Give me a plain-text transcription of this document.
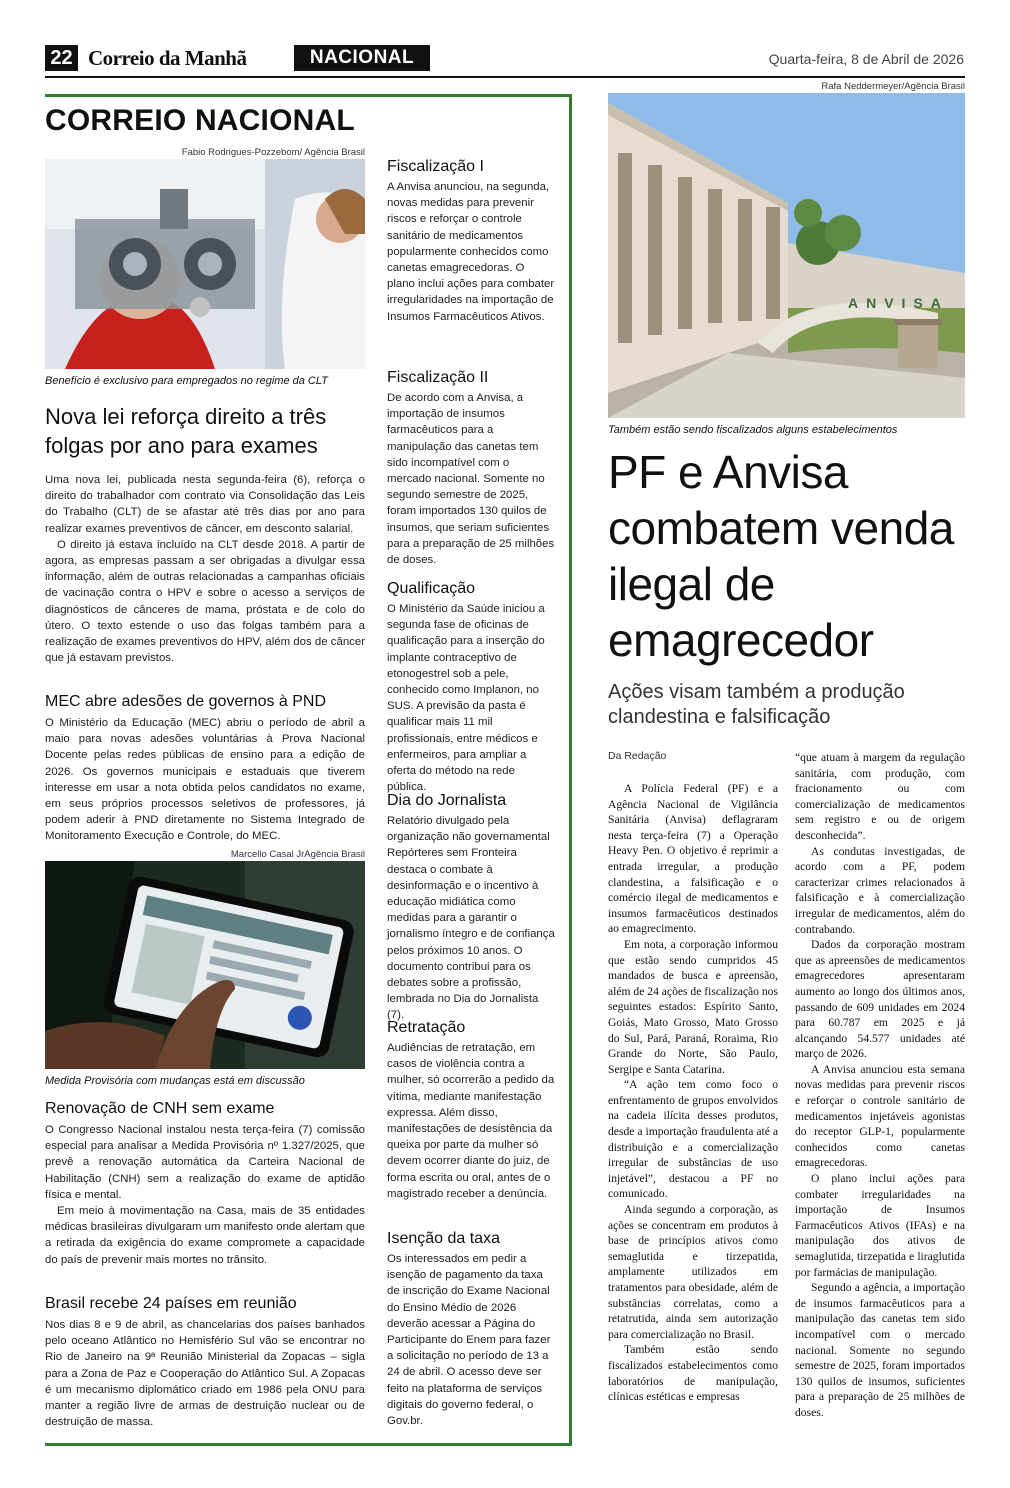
22 Correio da Manhã	NACIONAL	Quarta-feira, 8 de Abril de 2026
CORREIO NACIONAL
Fabio Rodrigues-Pozzebom/ Agência Brasil
Benefício é exclusivo para empregados no regime da CLT
Nova lei reforça direito a três folgas por ano para exames

Uma nova lei, publicada nesta segunda-feira (6), reforça o direito do trabalhador com contrato via Consolidação das Leis do Trabalho (CLT) de se afastar até três dias por ano para realizar exames preventivos de câncer, em desconto salarial.

O direito já estava incluído na CLT desde 2018. A partir de agora, as empresas passam a ser obrigadas a divulgar essa informação, além de outras relacionadas a campanhas oficiais de vacinação contra o HPV e sobre o acesso a serviços de diagnósticos de cânceres de mama, próstata e de colo do útero. O texto estende o uso das folgas também para a realização de exames preventivos do HPV, além dos de câncer que já estavam previstos.

MEC abre adesões de governos à PND

O Ministério da Educação (MEC) abriu o período de abril a maio para novas adesões voluntárias à Prova Nacional Docente pelas redes públicas de ensino para a edição de 2026. Os governos municipais e estaduais que tiverem interesse em usar a nota obtida pelos candidatos no exame, em seus próprios processos seletivos de professores, já podem aderir à PND diretamente no Sistema Integrado de Monitoramento Execução e Controle, do MEC.

Marcello Casal JrAgência Brasil
Medida Provisória com mudanças está em discussão
Renovação de CNH sem exame

O Congresso Nacional instalou nesta terça-feira (7) comissão especial para analisar a Medida Provisória nº 1.327/2025, que prevê a renovação automática da Carteira Nacional de Habilitação (CNH) sem a realização do exame de aptidão física e mental.

Em meio à movimentação na Casa, mais de 35 entidades médicas brasileiras divulgaram um manifesto onde alertam que a retirada da exigência do exame compromete a capacidade do país de prevenir mais mortes no trânsito.

Brasil recebe 24 países em reunião

Nos dias 8 e 9 de abril, as chancelarias dos países banhados pelo oceano Atlântico no Hemisfério Sul vão se encontrar no Rio de Janeiro na 9ª Reunião Ministerial da Zopacas – sigla para a Zona de Paz e Cooperação do Atlântico Sul. A Zopacas é um mecanismo diplomático criado em 1986 pela ONU para manter a região livre de armas de destruição nuclear ou de destruição de massa.

Fiscalização I
A Anvisa anunciou, na segunda, novas medidas para prevenir riscos e reforçar o controle sanitário de medicamentos popularmente conhecidos como canetas emagrecedoras. O plano inclui ações para combater irregularidades na importação de Insumos Farmacêuticos Ativos.
Fiscalização II
De acordo com a Anvisa, a importação de insumos farmacêuticos para a manipulação das canetas tem sido incompatível com o mercado nacional. Somente no segundo semestre de 2025, foram importados 130 quilos de insumos, que seriam suficientes para a preparação de 25 milhões de doses.
Qualificação
O Ministério da Saúde iniciou a segunda fase de oficinas de qualificação para a inserção do implante contraceptivo de etonogestrel sob a pele, conhecido como Implanon, no SUS. A previsão da pasta é qualificar mais 11 mil profissionais, entre médicos e enfermeiros, para ampliar a oferta do método na rede pública.
Dia do Jornalista
Relatório divulgado pela organização não governamental Repórteres sem Fronteira destaca o combate à desinformação e o incentivo à educação midiática como medidas para a garantir o jornalismo íntegro e de confiança pelos próximos 10 anos. O documento contribui para os debates sobre a profissão, lembrada no Dia do Jornalista (7).
Retratação
Audiências de retratação, em casos de violência contra a mulher, só ocorrerão a pedido da vítima, mediante manifestação expressa. Além disso, manifestações de desistência da queixa por parte da mulher só devem ocorrer diante do juiz, de forma escrita ou oral, antes de o magistrado receber a denúncia.
Isenção da taxa
Os interessados em pedir a isenção de pagamento da taxa de inscrição do Exame Nacional do Ensino Médio de 2026 deverão acessar a Página do Participante do Enem para fazer a solicitação no período de 13 a 24 de abril. O acesso deve ser feito na plataforma de serviços digitais do governo federal, o Gov.br.
Rafa Neddermeyer/Agência Brasil
ANVISA
Também estão sendo fiscalizados alguns estabelecimentos
PF e Anvisa combatem venda ilegal de emagrecedor
Ações visam também a produção clandestina e falsificação
Da Redação

A Polícia Federal (PF) e a Agência Nacional de Vigilância Sanitária (Anvisa) deflagraram nesta terça-feira (7) a Operação Heavy Pen. O objetivo é reprimir a entrada irregular, a produção clandestina, a falsificação e o comércio ilegal de medicamentos e insumos farmacêuticos destinados ao emagrecimento.

Em nota, a corporação informou que estão sendo cumpridos 45 mandados de busca e apreensão, além de 24 ações de fiscalização nos seguintes estados: Espírito Santo, Goiás, Mato Grosso, Mato Grosso do Sul, Pará, Paraná, Roraima, Rio Grande do Norte, São Paulo, Sergipe e Santa Catarina.

“A ação tem como foco o enfrentamento de grupos envolvidos na cadeia ilícita desses produtos, desde a importação fraudulenta até a distribuição e a comercialização irregular de substâncias de uso injetável”, destacou a PF no comunicado.

Ainda segundo a corporação, as ações se concentram em produtos à base de princípios ativos como semaglutida e tirzepatida, amplamente utilizados em tratamentos para obesidade, além de substâncias correlatas, como a retatrutida, ainda sem autorização para comercialização no Brasil.

Também estão sendo fiscalizados estabelecimentos como laboratórios de manipulação, clínicas estéticas e empresas

“que atuam à margem da regulação sanitária, com produção, com fracionamento ou com comercialização de medicamentos sem registro e ou de origem desconhecida”.

As condutas investigadas, de acordo com a PF, podem caracterizar crimes relacionados à falsificação e à comercialização irregular de medicamentos, além do contrabando.

Dados da corporação mostram que as apreensões de medicamentos emagrecedores apresentaram aumento ao longo dos últimos anos, passando de 609 unidades em 2024 para 60.787 em 2025 e já alcançando 54.577 unidades até março de 2026.

A Anvisa anunciou esta semana novas medidas para prevenir riscos e reforçar o controle sanitário de medicamentos injetáveis agonistas do receptor GLP-1, popularmente conhecidos como canetas emagrecedoras.

O plano inclui ações para combater irregularidades na importação de Insumos Farmacêuticos Ativos (IFAs) e na manipulação dos ativos de semaglutida, tirzepatida e liraglutida por farmácias de manipulação.

Segundo a agência, a importação de insumos farmacêuticos para a manipulação das canetas tem sido incompatível com o mercado nacional. Somente no segundo semestre de 2025, foram importados 130 quilos de insumos, suficientes para a preparação de 25 milhões de doses.
